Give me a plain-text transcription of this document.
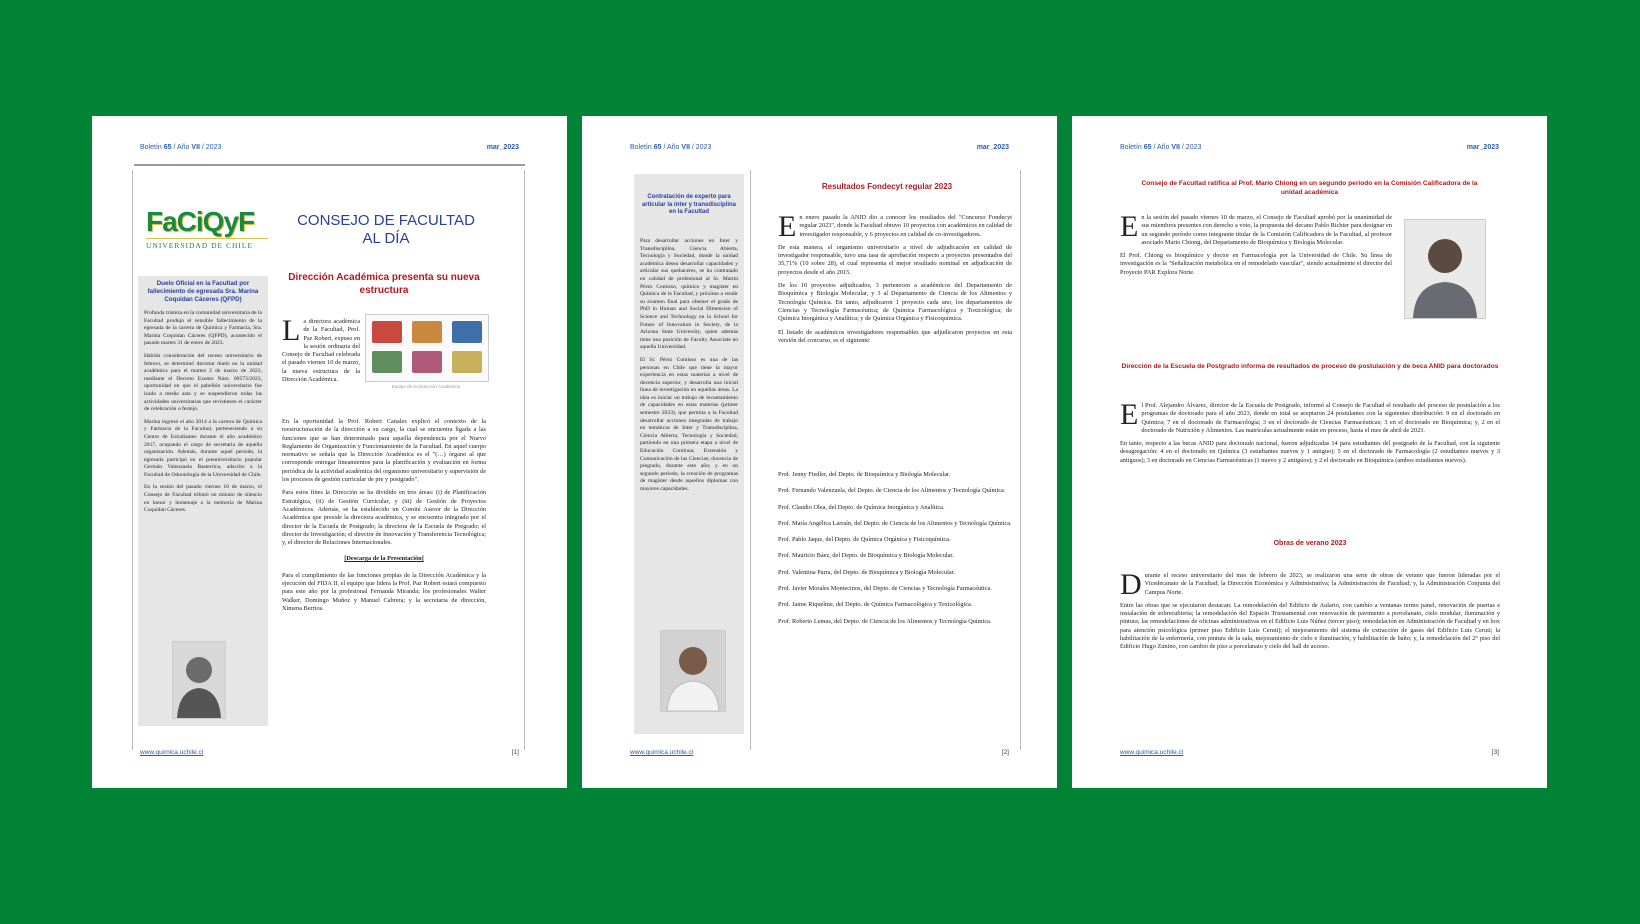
Boletín 65 / Año VII / 2023	mar_2023
FaCiQyF
UNIVERSIDAD DE CHILE
CONSEJO DE FACULTAD AL DÍA
Duelo Oficial en la Facultad por fallecimiento de egresada Sra. Marina Coquidan Cáceres (QFPD)

Profunda tristeza en la comunidad universitaria de la Facultad produjo el sensible fallecimiento de la egresada de la carrera de Química y Farmacia, Sra. Marina Coquidan Cáceres (QFPD), acontecido el pasado martes 31 de enero de 2023.

Habida consideración del receso universitario de febrero, se determinó decretar duelo en la unidad académica para el martes 2 de marzo de 2023, mediante el Decreto Exento Núm. 00573/2023, oportunidad en que el pabellón universitario fue izado a media asta y se suspendieron todas las actividades universitarias que revistiesen el carácter de celebración o festejo.

Marina ingresó el año 2014 a la carrera de Química y Farmacia de la Facultad, perteneciendo a su Centro de Estudiantes durante el año académico 2017, ocupando el cargo de secretaria de aquella organización. Además, durante aquel periodo, la egresada participó en el preuniversitario popular Germán Valenzuela Basterrica, adscrito a la Facultad de Odontología de la Universidad de Chile.

En la sesión del pasado viernes 10 de marzo, el Consejo de Facultad tributó un minuto de silencio en honor y homenaje a la memoria de Marina Coquidan Cáceres.

Dirección Académica presenta su nueva estructura
La directora académica de la Facultad, Prof. Paz Robert, expuso en la sesión ordinaria del Consejo de Facultad celebrada el pasado viernes 10 de marzo, la nueva estructura de la Dirección Académica.
Equipo de la Dirección Académica

En la oportunidad la Prof. Robert Canales explicó el contexto de la reestructuración de la dirección a su cargo, la cual se encuentra ligada a las funciones que se han determinado para aquella dependencia por el Nuevo Reglamento de Organización y Funcionamiento de la Facultad. En aquel cuerpo normativo se señala que la Dirección Académica es el "(…) órgano al que corresponde entregar lineamientos para la planificación y evaluación en forma periódica de la actividad académica del organismo universitario y supervisión de los procesos de gestión curricular de pre y postgrado".

Para estos fines la Dirección se ha dividido en tres áreas: (i) de Planificación Estratégica, (ii) de Gestión Curricular, y (iii) de Gestión de Proyectos Académicos. Además, se ha establecido un Comité Asesor de la Dirección Académica que preside la directora académica, y se encuentra integrado por el director de la Escuela de Postgrado; la directora de la Escuela de Pregrado; el director de Investigación; el director de Innovación y Transferencia Tecnológica; y, el director de Relaciones Internacionales.

[Descarga de la Presentación]

Para el cumplimiento de las funciones propias de la Dirección Académica y la ejecución del FIDA II, el equipo que lidera la Prof. Paz Robert estará compuesto para este año por la profesional Fernanda Miranda; los profesionales Walter Walker, Domingo Muñoz y Manuel Cabrera; y la secretaria de dirección, Ximena Berrios.

www.quimica.uchile.cl	[1]
Boletín 65 / Año VII / 2023	mar_2023
Contratación de experto para articular la inter y transdisciplina en la Facultad

Para desarrollar acciones en Inter y Transdisciplina, Ciencia Abierta, Tecnología y Sociedad, donde la unidad académica desea desarrollar capacidades y articular sus quehaceres, se ha contratado en calidad de profesional al Sr. Martín Pérez Comisso, químico y magíster en Química de la Facultad, y próximo a rendir su examen final para obtener el grado de PhD in Human and Social Dimension of Science and Technology en la School for Future of Innovation in Society, de la Arizona State University, quien además tiene una posición de Faculty Associate en aquella Universidad.

El Sr. Pérez Comisso es una de las personas en Chile que tiene la mayor experiencia en estas materias a nivel de docencia superior, y desarrolla una inicial línea de investigación en aquellas áreas. La idea es iniciar un trabajo de levantamiento de capacidades en estas materias (primer semestre 2023), que permita a la Facultad desarrollar acciones integradas de trabajo en temáticas de Inter y Transdisciplina, Ciencia Abierta, Tecnología y Sociedad, partiendo en una primera etapa a nivel de Educación Continua; Extensión y Comunicación de las Ciencias; docencia de pregrado, durante este año; y en un segundo periodo, la creación de programas de magíster desde aquellos diplomas con mayores capacidades.

Resultados Fondecyt regular 2023

En enero pasado la ANID dio a conocer los resultados del "Concurso Fondecyt regular 2023", donde la Facultad obtuvo 10 proyectos con académicos en calidad de investigador responsable, y 6 proyectos en calidad de co-investigadores.

De esta manera, el organismo universitario a nivel de adjudicación en calidad de investigador responsable, tuvo una tasa de aprobación respecto a proyectos presentados del 35,71% (10 sobre 28), el cual representa el mejor resultado nominal en adjudicación de proyectos desde el año 2015.

De los 10 proyectos adjudicados, 3 pertenecen a académicos del Departamento de Bioquímica y Biología Molecular, y 3 al Departamento de Ciencia de los Alimentos y Tecnología Química. En tanto, adjudicaron 1 proyecto cada uno, los departamentos de Ciencias y Tecnología Farmacéutica; de Química Farmacológica y Toxicológica; de Química Inorgánica y Analítica; y de Química Orgánica y Fisicoquímica.

El listado de académicos investigadores responsables que adjudicaron proyectos en esta versión del concurso, es el siguiente:

Prof. Jenny Fiedler, del Depto. de Bioquímica y Biología Molecular.

Prof. Fernando Valenzuela, del Depto. de Ciencia de los Alimentos y Tecnología Química.

Prof. Claudio Olea, del Depto. de Química Inorgánica y Analítica.

Prof. María Angélica Larraín, del Depto. de Ciencia de los Alimentos y Tecnología Química.

Prof. Pablo Jaque, del Depto. de Química Orgánica y Fisicoquímica.

Prof. Mauricio Báez, del Depto. de Bioquímica y Biología Molecular.

Prof. Valentina Parra, del Depto. de Bioquímica y Biología Molecular.

Prof. Javier Morales Montecinos, del Depto. de Ciencias y Tecnología Farmacéutica.

Prof. Jaime Riquelme, del Depto. de Química Farmacológica y Toxicológica.

Prof. Roberto Lemus, del Depto. de Ciencia de los Alimentos y Tecnología Química.

www.quimica.uchile.cl	[2]
Boletín 65 / Año VII / 2023	mar_2023
Consejo de Facultad ratifica al Prof. Mario Chiong en un segundo período en la Comisión Calificadora de la unidad académica

En la sesión del pasado viernes 10 de marzo, el Consejo de Facultad aprobó por la unanimidad de sus miembros presentes con derecho a voto, la propuesta del decano Pablo Richter para designar en un segundo período como integrante titular de la Comisión Calificadora de la Facultad, al profesor asociado Mario Chiong, del Departamento de Bioquímica y Biología Molecular.

El Prof. Chiong es bioquímico y doctor en Farmacología por la Universidad de Chile. Su línea de investigación es la "Señalización metabólica en el remodelado vascular", siendo actualmente el director del Proyecto PAR Explora Norte.

Dirección de la Escuela de Postgrado informa de resultados de proceso de postulación y de beca ANID para doctorados

El Prof. Alejandro Álvarez, director de la Escuela de Postgrado, informó al Consejo de Facultad el resultado del proceso de postulación a los programas de doctorado para el año 2023, donde en total se aceptaron 24 postulantes con la siguientes distribución: 9 en el doctorado en Química; 7 en el doctorado de Farmacología; 3 en el doctorado de Ciencias Farmacéuticas; 3 en el doctorado en Bioquímica; y, 2 en el doctorado de Nutrición y Alimentos. Las matrículas actualmente están en proceso, hasta el mes de abril de 2023.

En tanto, respecto a las becas ANID para doctorado nacional, fueron adjudicadas 14 para estudiantes del postgrado de la Facultad, con la siguiente desagregación: 4 en el doctorado en Química (3 estudiantes nuevos y 1 antiguo); 5 en el doctorado de Farmacología (2 estudiantes nuevos y 3 antiguos); 3 en doctorado en Ciencias Farmacéuticas (1 nuevo y 2 antiguos); y 2 el doctorado en Bioquímica (ambos estudiantes nuevos).

Obras de verano 2023

Durante el receso universitario del mes de febrero de 2023, se realizaron una serie de obras de verano que fueron lideradas por el Vicedecanato de la Facultad; la Dirección Económica y Administrativa; la Administración de Facultad; y, la Administración Conjunta del Campus Norte.

Entre las obras que se ejecutaron destacan: La remodelación del Edificio de Aulario, con cambio a ventanas termo panel, renovación de puertas e instalación de sobrecubierta; la remodelación del Espacio Triestamental con renovación de pavimento a porcelanato, cielo modular, iluminación y pintura; las remodelaciones de oficinas administrativas en el Edificio Luis Núñez (tercer piso); remodelación en Administración de Facultad y en box para atención psicológica (primer piso Edificio Luis Ceruti); el mejoramiento del sistema de extracción de gases del Edificio Luis Ceruti; la habilitación de la enfermería, con pintura de la sala, mejoramiento de cielo e iluminación, y habilitación de baño; y, la remodelación del 2° piso del Edificio Hugo Zunino, con cambio de piso a porcelanato y cielo del hall de acceso.

www.quimica.uchile.cl	[3]
